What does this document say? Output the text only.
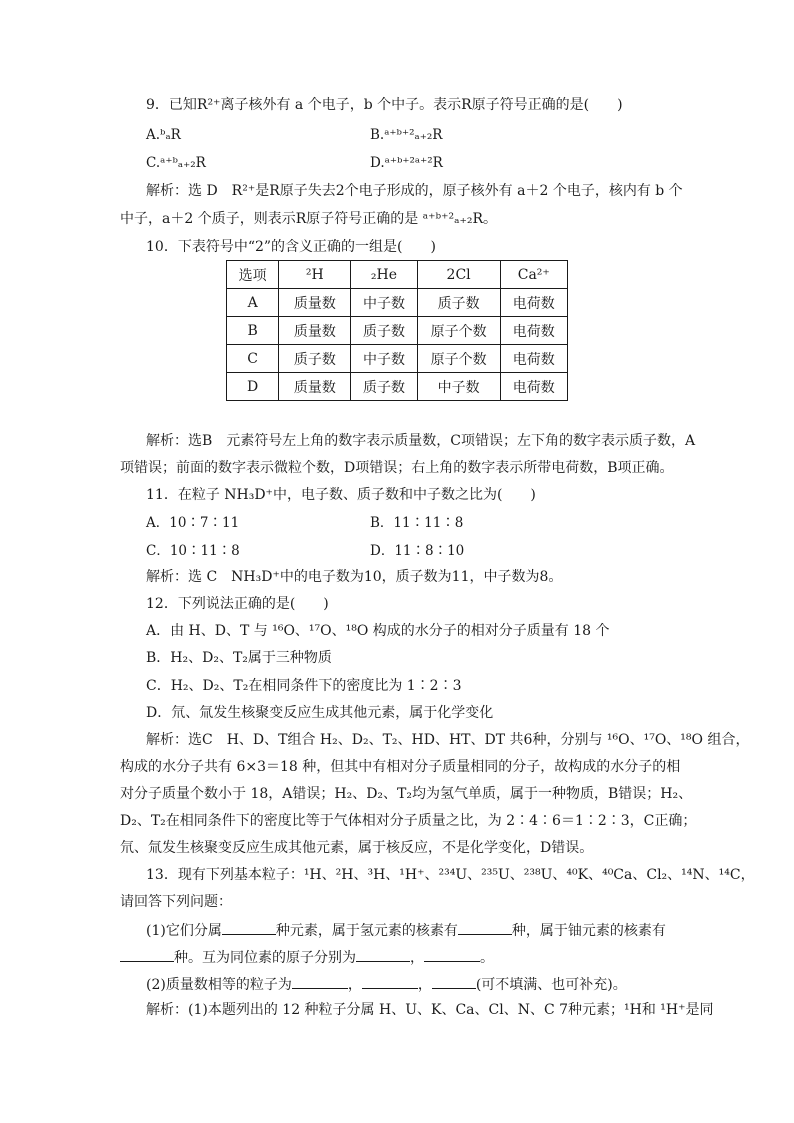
9．已知R²⁺离子核外有 a 个电子，b 个中子。表示R原子符号正确的是(　　)
A.ᵇₐR	B.ᵃ⁺ᵇ⁺²ₐ₊₂R
C.ᵃ⁺ᵇₐ₊₂R	D.ᵃ⁺ᵇ⁺²ᵃ⁺²R
解析：选 D　R²⁺是R原子失去2个电子形成的，原子核外有 a＋2 个电子，核内有 b 个
中子，a＋2 个质子，则表示R原子符号正确的是 ᵃ⁺ᵇ⁺²ₐ₊₂R。
10．下表符号中“2”的含义正确的一组是(　　)
选项	²H	₂He	2Cl	Ca²⁺
A	质量数	中子数	质子数	电荷数
B	质量数	质子数	原子个数	电荷数
C	质子数	中子数	原子个数	电荷数
D	质量数	质子数	中子数	电荷数
解析：选B　元素符号左上角的数字表示质量数，C项错误；左下角的数字表示质子数，A
项错误；前面的数字表示微粒个数，D项错误；右上角的数字表示所带电荷数，B项正确。
11．在粒子 NH₃D⁺中，电子数、质子数和中子数之比为(　　)
A．10∶7∶11	B．11∶11∶8
C．10∶11∶8	D．11∶8∶10
解析：选 C　NH₃D⁺中的电子数为10，质子数为11，中子数为8。
12．下列说法正确的是(　　)
A．由 H、D、T 与 ¹⁶O、¹⁷O、¹⁸O 构成的水分子的相对分子质量有 18 个
B．H₂、D₂、T₂属于三种物质
C．H₂、D₂、T₂在相同条件下的密度比为 1∶2∶3
D．氘、氚发生核聚变反应生成其他元素，属于化学变化
解析：选C　H、D、T组合 H₂、D₂、T₂、HD、HT、DT 共6种，分别与 ¹⁶O、¹⁷O、¹⁸O 组合，
构成的水分子共有 6×3＝18 种，但其中有相对分子质量相同的分子，故构成的水分子的相
对分子质量个数小于 18，A错误；H₂、D₂、T₂均为氢气单质，属于一种物质，B错误；H₂、
D₂、T₂在相同条件下的密度比等于气体相对分子质量之比，为 2∶4∶6＝1∶2∶3，C正确；
氘、氚发生核聚变反应生成其他元素，属于核反应，不是化学变化，D错误。
13．现有下列基本粒子：¹H、²H、³H、¹H⁺、²³⁴U、²³⁵U、²³⁸U、⁴⁰K、⁴⁰Ca、Cl₂、¹⁴N、¹⁴C，
请回答下列问题：
(1)它们分属	种元素，属于氢元素的核素有	种，属于铀元素的核素有
种。互为同位素的原子分别为	，	。
(2)质量数相等的粒子为	，	，	(可不填满、也可补充)。
解析：(1)本题列出的 12 种粒子分属 H、U、K、Ca、Cl、N、C 7种元素；¹H和 ¹H⁺是同
